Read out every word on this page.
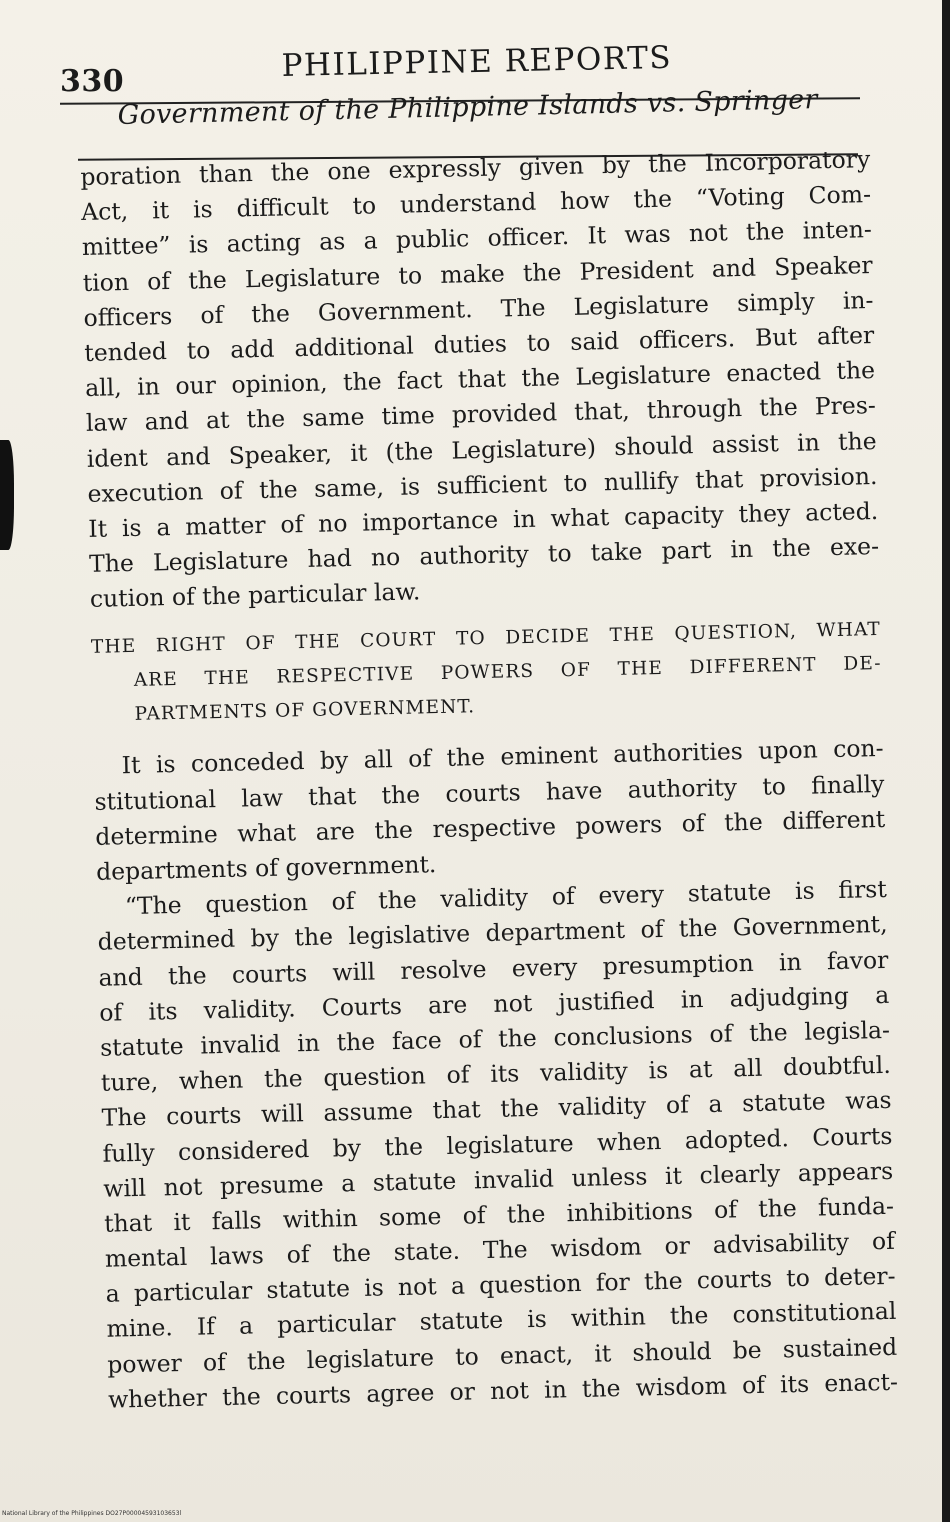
330	PHILIPPINE REPORTS
Government of the Philippine Islands vs. Springer
poration than the one expressly given by the Incorporatory
Act, it is difficult to understand how the “Voting Com-
mittee” is acting as a public officer. It was not the inten-
tion of the Legislature to make the President and Speaker
officers of the Government. The Legislature simply in-
tended to add additional duties to said officers. But after
all, in our opinion, the fact that the Legislature enacted the
law and at the same time provided that, through the Pres-
ident and Speaker, it (the Legislature) should assist in the
execution of the same, is sufficient to nullify that provision.
It is a matter of no importance in what capacity they acted.
The Legislature had no authority to take part in the exe-
cution of the particular law.
THE RIGHT OF THE COURT TO DECIDE THE QUESTION, WHAT
ARE THE RESPECTIVE POWERS OF THE DIFFERENT DE-
PARTMENTS OF GOVERNMENT.
It is conceded by all of the eminent authorities upon con-
stitutional law that the courts have authority to finally
determine what are the respective powers of the different
departments of government.
“The question of the validity of every statute is first
determined by the legislative department of the Government,
and the courts will resolve every presumption in favor
of its validity. Courts are not justified in adjudging a
statute invalid in the face of the conclusions of the legisla-
ture, when the question of its validity is at all doubtful.
The courts will assume that the validity of a statute was
fully considered by the legislature when adopted. Courts
will not presume a statute invalid unless it clearly appears
that it falls within some of the inhibitions of the funda-
mental laws of the state. The wisdom or advisability of
a particular statute is not a question for the courts to deter-
mine. If a particular statute is within the constitutional
power of the legislature to enact, it should be sustained
whether the courts agree or not in the wisdom of its enact-
National Library of the Philippines DO27P00004593103653l
